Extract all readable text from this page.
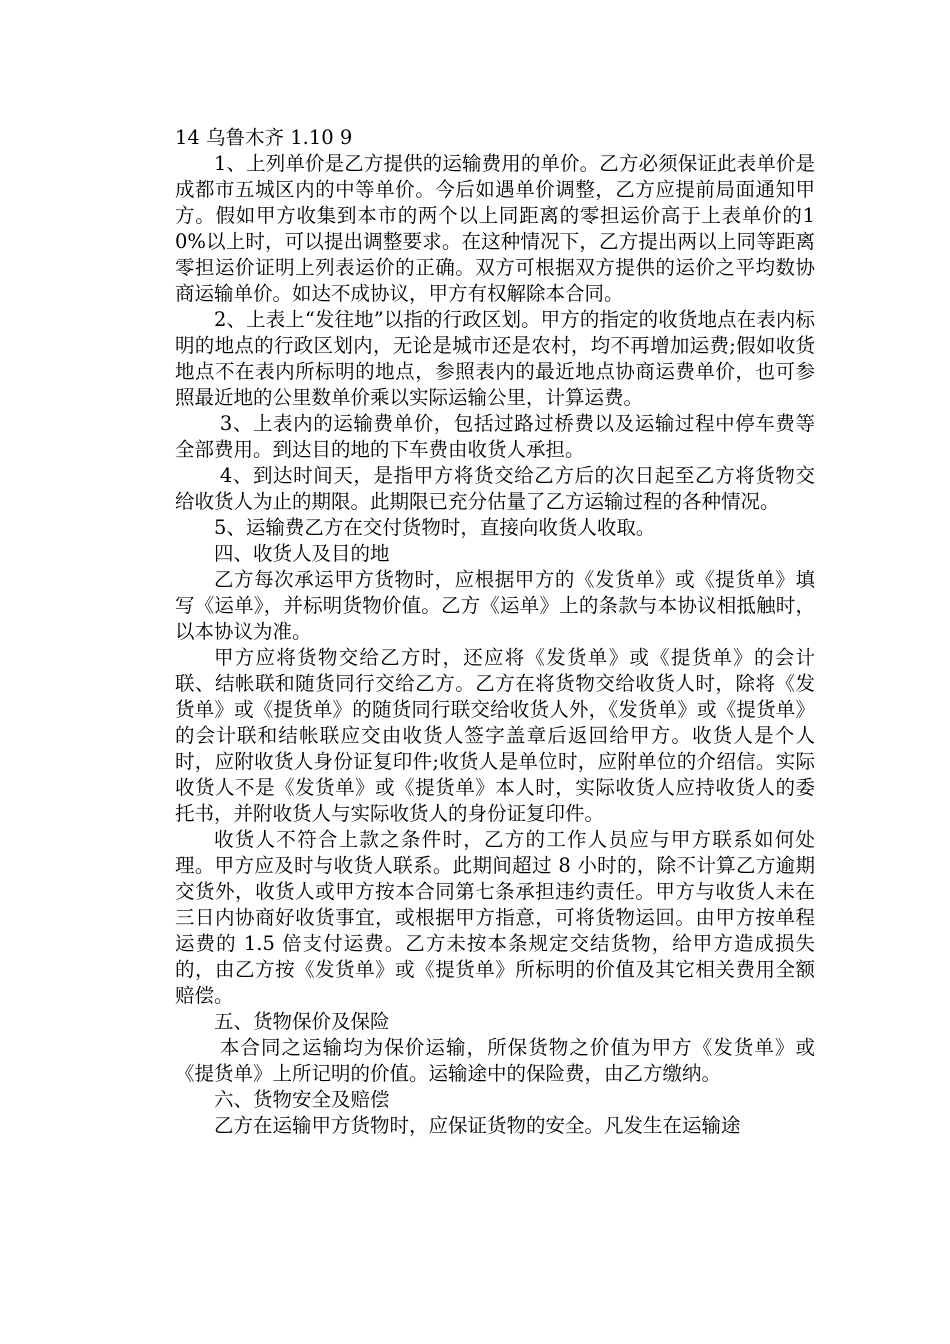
14 乌鲁木齐 1.10 9

1、上列单价是乙方提供的运输费用的单价。乙方必须保证此表单价是成都市五城区内的中等单价。今后如遇单价调整，乙方应提前局面通知甲方。假如甲方收集到本市的两个以上同距离的零担运价高于上表单价的10%以上时，可以提出调整要求。在这种情况下，乙方提出两以上同等距离零担运价证明上列表运价的正确。双方可根据双方提供的运价之平均数协商运输单价。如达不成协议，甲方有权解除本合同。

2、上表上“发往地”以指的行政区划。甲方的指定的收货地点在表内标明的地点的行政区划内，无论是城市还是农村，均不再增加运费;假如收货地点不在表内所标明的地点，参照表内的最近地点协商运费单价，也可参照最近地的公里数单价乘以实际运输公里，计算运费。

3、上表内的运输费单价，包括过路过桥费以及运输过程中停车费等全部费用。到达目的地的下车费由收货人承担。

4、到达时间天，是指甲方将货交给乙方后的次日起至乙方将货物交给收货人为止的期限。此期限已充分估量了乙方运输过程的各种情况。

5、运输费乙方在交付货物时，直接向收货人收取。

四、收货人及目的地

乙方每次承运甲方货物时，应根据甲方的《发货单》或《提货单》填写《运单》，并标明货物价值。乙方《运单》上的条款与本协议相抵触时，以本协议为准。

甲方应将货物交给乙方时，还应将《发货单》或《提货单》的会计联、结帐联和随货同行交给乙方。乙方在将货物交给收货人时，除将《发货单》或《提货单》的随货同行联交给收货人外，《发货单》或《提货单》的会计联和结帐联应交由收货人签字盖章后返回给甲方。收货人是个人时，应附收货人身份证复印件;收货人是单位时，应附单位的介绍信。实际收货人不是《发货单》或《提货单》本人时，实际收货人应持收货人的委托书，并附收货人与实际收货人的身份证复印件。

收货人不符合上款之条件时，乙方的工作人员应与甲方联系如何处理。甲方应及时与收货人联系。此期间超过 8 小时的，除不计算乙方逾期交货外，收货人或甲方按本合同第七条承担违约责任。甲方与收货人未在三日内协商好收货事宜，或根据甲方指意，可将货物运回。由甲方按单程运费的 1.5 倍支付运费。乙方未按本条规定交结货物，给甲方造成损失的，由乙方按《发货单》或《提货单》所标明的价值及其它相关费用全额赔偿。

五、货物保价及保险

本合同之运输均为保价运输，所保货物之价值为甲方《发货单》或《提货单》上所记明的价值。运输途中的保险费，由乙方缴纳。

六、货物安全及赔偿

乙方在运输甲方货物时，应保证货物的安全。凡发生在运输途
